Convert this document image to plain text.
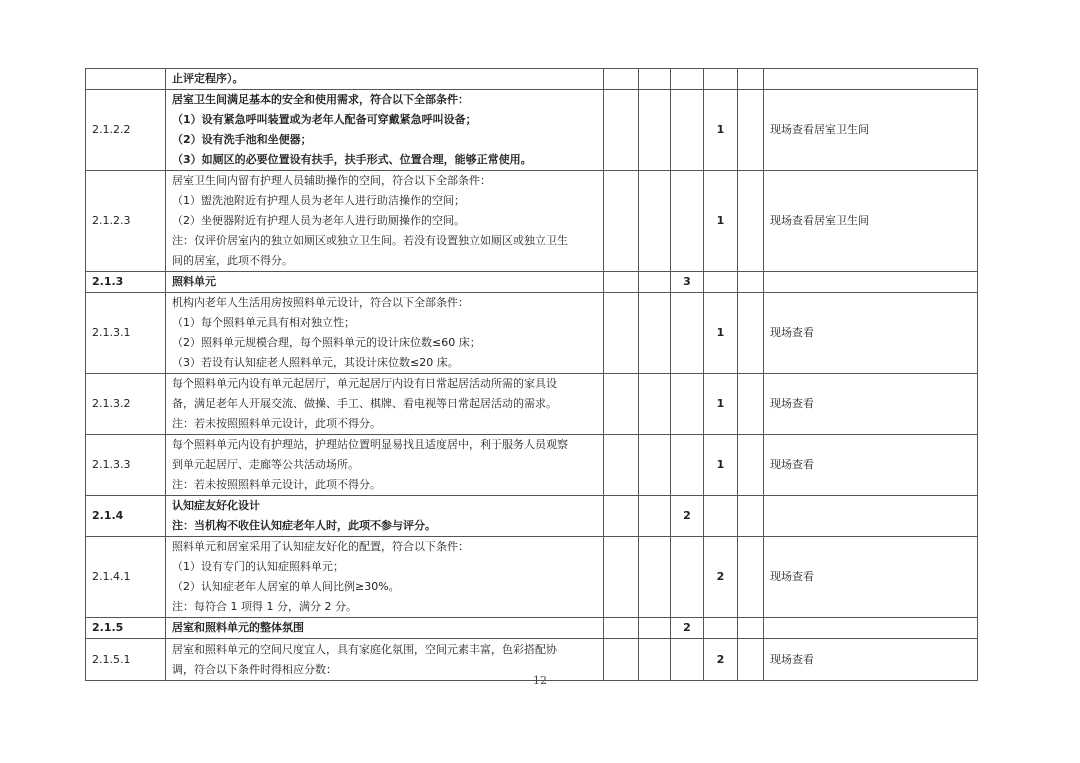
	止评定程序）。						

2.1.2.2	居室卫生间满足基本的安全和使用需求，符合以下全部条件：
（1）设有紧急呼叫装置或为老年人配备可穿戴紧急呼叫设备；
（2）设有洗手池和坐便器；
（3）如厕区的必要位置设有扶手，扶手形式、位置合理，能够正常使用。				1		现场查看居室卫生间
2.1.2.3	居室卫生间内留有护理人员辅助操作的空间，符合以下全部条件：
（1）盥洗池附近有护理人员为老年人进行助洁操作的空间；
（2）坐便器附近有护理人员为老年人进行助厕操作的空间。
注：仅评价居室内的独立如厕区或独立卫生间。若没有设置独立如厕区或独立卫生
间的居室，此项不得分。				1		现场查看居室卫生间
2.1.3	照料单元			3			
2.1.3.1	机构内老年人生活用房按照料单元设计，符合以下全部条件：
（1）每个照料单元具有相对独立性；
（2）照料单元规模合理，每个照料单元的设计床位数≤60 床；
（3）若设有认知症老人照料单元，其设计床位数≤20 床。				1		现场查看
2.1.3.2	每个照料单元内设有单元起居厅，单元起居厅内设有日常起居活动所需的家具设
备，满足老年人开展交流、做操、手工、棋牌、看电视等日常起居活动的需求。
注：若未按照照料单元设计，此项不得分。				1		现场查看
2.1.3.3	每个照料单元内设有护理站，护理站位置明显易找且适度居中，利于服务人员观察
到单元起居厅、走廊等公共活动场所。
注：若未按照照料单元设计，此项不得分。				1		现场查看
2.1.4	认知症友好化设计
注：当机构不收住认知症老年人时，此项不参与评分。			2			
2.1.4.1	照料单元和居室采用了认知症友好化的配置，符合以下条件：
（1）设有专门的认知症照料单元；
（2）认知症老年人居室的单人间比例≥30%。
注：每符合 1 项得 1 分，满分 2 分。				2		现场查看
2.1.5	居室和照料单元的整体氛围			2			
2.1.5.1	居室和照料单元的空间尺度宜人，具有家庭化氛围，空间元素丰富，色彩搭配协
调，符合以下条件时得相应分数：				2		现场查看
12
